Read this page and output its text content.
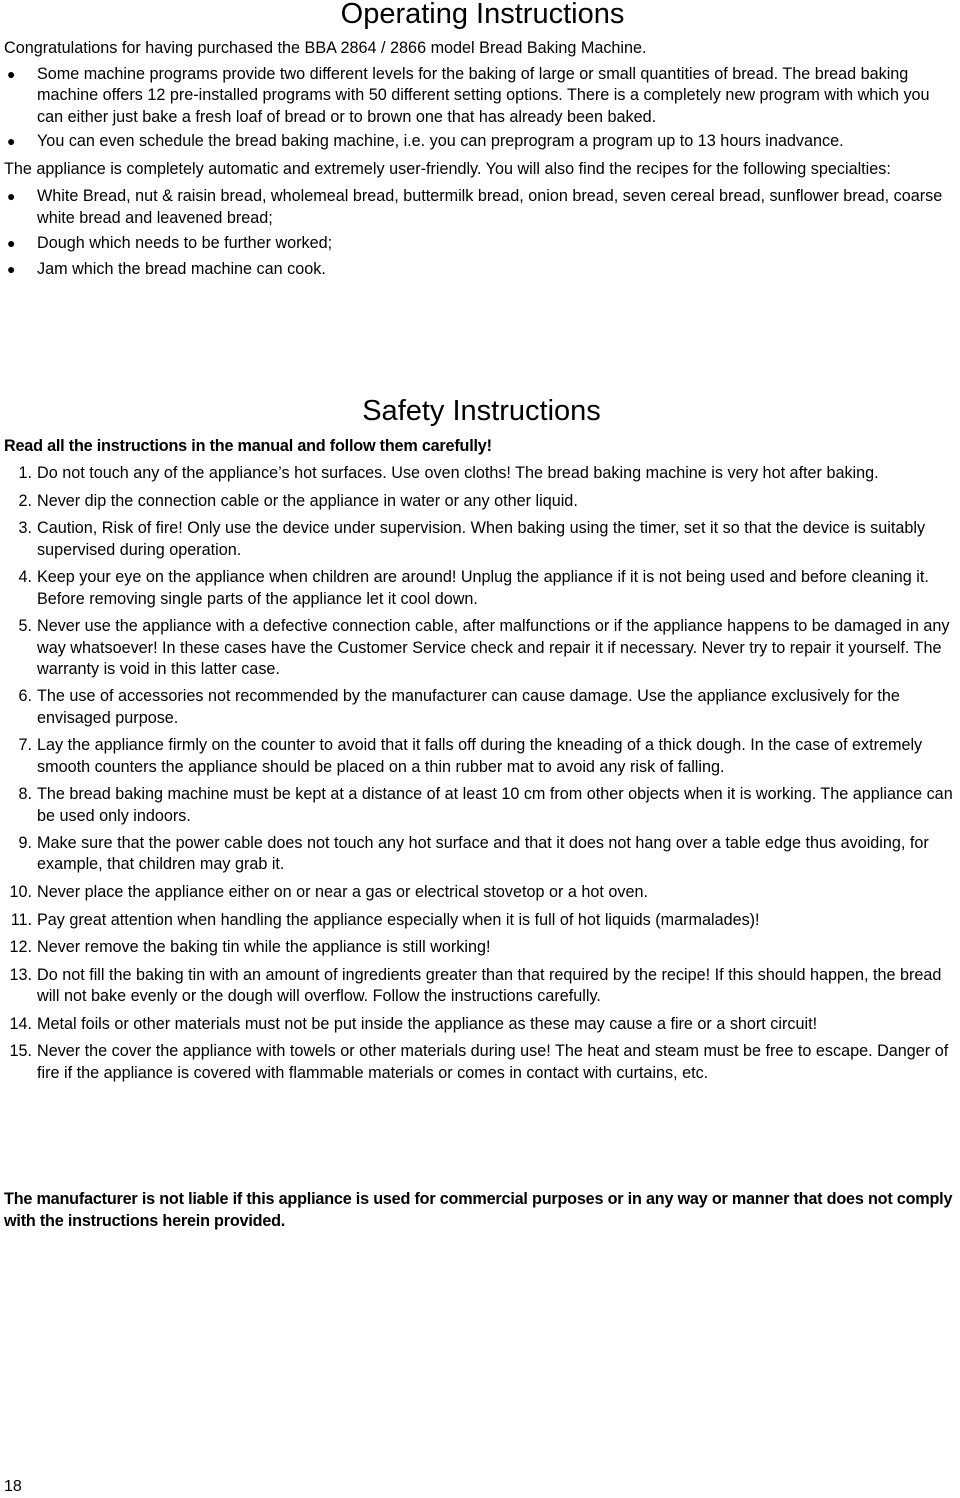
Operating Instructions

Congratulations for having purchased the BBA 2864 / 2866 model Bread Baking Machine.

● Some machine programs provide two different levels for the baking of large or small quantities of bread. The bread baking machine offers 12 pre-installed programs with 50 different setting options. There is a completely new program with which you can either just bake a fresh loaf of bread or to brown one that has already been baked.
● You can even schedule the bread baking machine, i.e. you can preprogram a program up to 13 hours inadvance.

The appliance is completely automatic and extremely user-friendly. You will also find the recipes for the following specialties:

● White Bread, nut & raisin bread, wholemeal bread, buttermilk bread, onion bread, seven cereal bread, sunflower bread, coarse white bread and leavened bread;
● Dough which needs to be further worked;
● Jam which the bread machine can cook.
Safety Instructions

Read all the instructions in the manual and follow them carefully!

1. Do not touch any of the appliance’s hot surfaces. Use oven cloths! The bread baking machine is very hot after baking.
2. Never dip the connection cable or the appliance in water or any other liquid.
3. Caution, Risk of fire! Only use the device under supervision. When baking using the timer, set it so that the device is suitably supervised during operation.
4. Keep your eye on the appliance when children are around! Unplug the appliance if it is not being used and before cleaning it. Before removing single parts of the appliance let it cool down.
5. Never use the appliance with a defective connection cable, after malfunctions or if the appliance happens to be damaged in any way whatsoever! In these cases have the Customer Service check and repair it if necessary. Never try to repair it yourself. The warranty is void in this latter case.
6. The use of accessories not recommended by the manufacturer can cause damage. Use the appliance exclusively for the envisaged purpose.
7. Lay the appliance firmly on the counter to avoid that it falls off during the kneading of a thick dough. In the case of extremely smooth counters the appliance should be placed on a thin rubber mat to avoid any risk of falling.
8. The bread baking machine must be kept at a distance of at least 10 cm from other objects when it is working. The appliance can be used only indoors.
9. Make sure that the power cable does not touch any hot surface and that it does not hang over a table edge thus avoiding, for example, that children may grab it.
10. Never place the appliance either on or near a gas or electrical stovetop or a hot oven.
11. Pay great attention when handling the appliance especially when it is full of hot liquids (marmalades)!
12. Never remove the baking tin while the appliance is still working!
13. Do not fill the baking tin with an amount of ingredients greater than that required by the recipe! If this should happen, the bread will not bake evenly or the dough will overflow. Follow the instructions carefully.
14. Metal foils or other materials must not be put inside the appliance as these may cause a fire or a short circuit!
15. Never the cover the appliance with towels or other materials during use! The heat and steam must be free to escape. Danger of fire if the appliance is covered with flammable materials or comes in contact with curtains, etc.

The manufacturer is not liable if this appliance is used for commercial purposes or in any way or manner that does not comply with the instructions herein provided.

18
